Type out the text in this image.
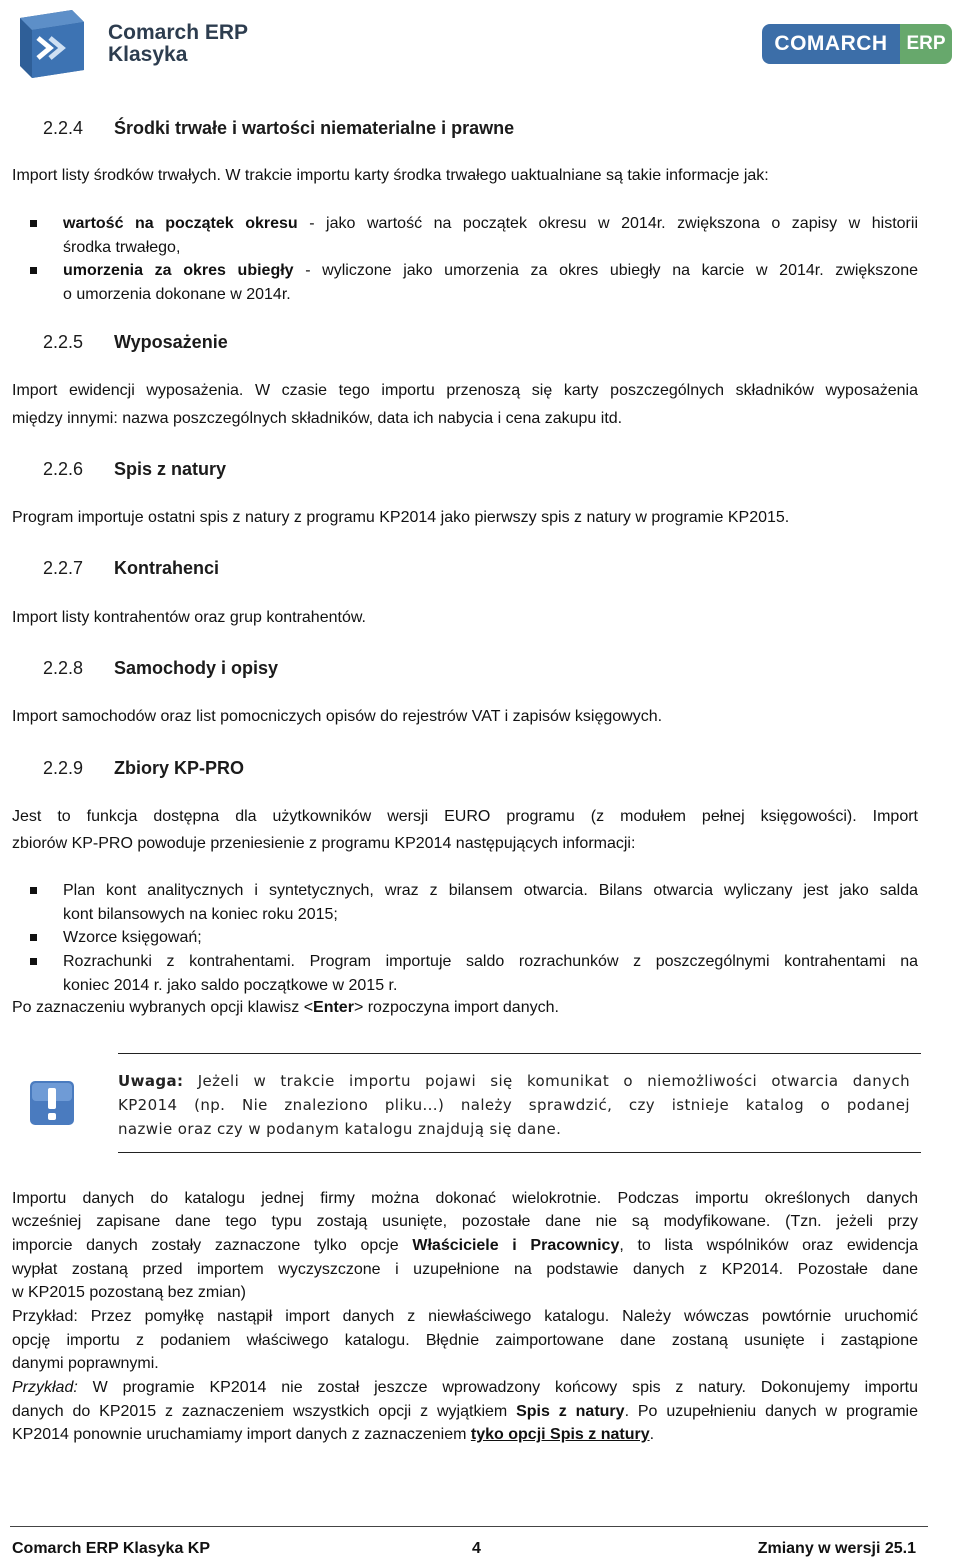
Comarch ERP
Klasyka	COMARCH ERP
2.2.4 Środki trwałe i wartości niematerialne i prawne
Import listy środków trwałych. W trakcie importu karty środka trwałego uaktualniane są takie informacje jak:
wartość na początek okresu - jako wartość na początek okresu w 2014r. zwiększona o zapisy w historii
środka trwałego,
umorzenia za okres ubiegły - wyliczone jako umorzenia za okres ubiegły na karcie w 2014r. zwiększone
o umorzenia dokonane w 2014r.
2.2.5 Wyposażenie
Import ewidencji wyposażenia. W czasie tego importu przenoszą się karty poszczególnych składników wyposażenia
między innymi: nazwa poszczególnych składników, data ich nabycia i cena zakupu itd.
2.2.6 Spis z natury
Program importuje ostatni spis z natury z programu KP2014 jako pierwszy spis z natury w programie KP2015.
2.2.7 Kontrahenci
Import listy kontrahentów oraz grup kontrahentów.
2.2.8 Samochody i opisy
Import samochodów oraz list pomocniczych opisów do rejestrów VAT i zapisów księgowych.
2.2.9 Zbiory KP-PRO
Jest to funkcja dostępna dla użytkowników wersji EURO programu (z modułem pełnej księgowości). Import
zbiorów KP-PRO powoduje przeniesienie z programu KP2014 następujących informacji:
Plan kont analitycznych i syntetycznych, wraz z bilansem otwarcia. Bilans otwarcia wyliczany jest jako salda
kont bilansowych na koniec roku 2015;
Wzorce księgowań;
Rozrachunki z kontrahentami. Program importuje saldo rozrachunków z poszczególnymi kontrahentami na
koniec 2014 r. jako saldo początkowe w 2015 r.
Po zaznaczeniu wybranych opcji klawisz <Enter> rozpoczyna import danych.
Uwaga: Jeżeli w trakcie importu pojawi się komunikat o niemożliwości otwarcia danych
KP2014 (np. Nie znaleziono pliku...) należy sprawdzić, czy istnieje katalog o podanej
nazwie oraz czy w podanym katalogu znajdują się dane.
Importu danych do katalogu jednej firmy można dokonać wielokrotnie. Podczas importu określonych danych
wcześniej zapisane dane tego typu zostają usunięte, pozostałe dane nie są modyfikowane. (Tzn. jeżeli przy
imporcie danych zostały zaznaczone tylko opcje Właściciele i Pracownicy, to lista wspólników oraz ewidencja
wypłat zostaną przed importem wyczyszczone i uzupełnione na podstawie danych z KP2014. Pozostałe dane
w KP2015 pozostaną bez zmian)
Przykład: Przez pomyłkę nastąpił import danych z niewłaściwego katalogu. Należy wówczas powtórnie uruchomić
opcję importu z podaniem właściwego katalogu. Błędnie zaimportowane dane zostaną usunięte i zastąpione
danymi poprawnymi.
Przykład: W programie KP2014 nie został jeszcze wprowadzony końcowy spis z natury. Dokonujemy importu
danych do KP2015 z zaznaczeniem wszystkich opcji z wyjątkiem Spis z natury. Po uzupełnieniu danych w programie
KP2014 ponownie uruchamiamy import danych z zaznaczeniem tyko opcji Spis z natury.
Comarch ERP Klasyka KP	4	Zmiany w wersji 25.1
